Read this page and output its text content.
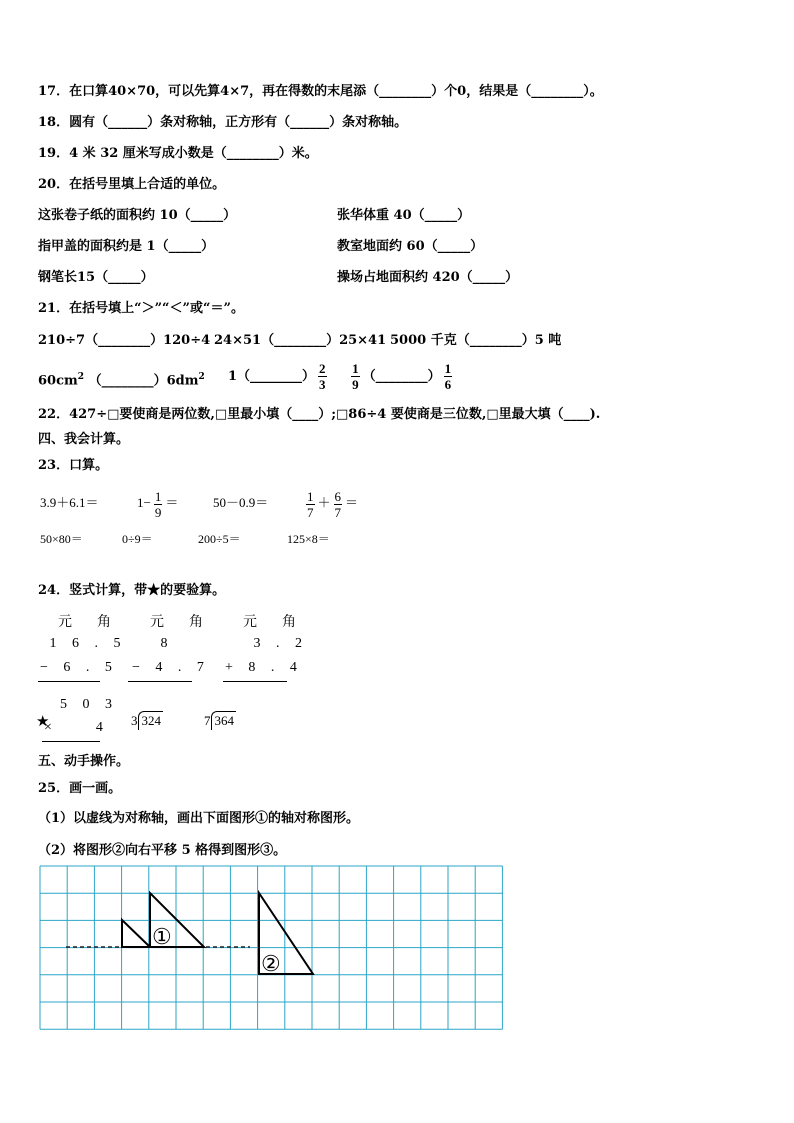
17．在口算40×70，可以先算4×7，再在得数的末尾添（________）个0，结果是（________）。
18．圆有（______）条对称轴，正方形有（______）条对称轴。
19．4 米 32 厘米写成小数是（________）米。
20．在括号里填上合适的单位。
这张卷子纸的面积约 10（_____）	张华体重 40（_____）
指甲盖的面积约是 1（_____）	教室地面约 60（_____）
钢笔长15（_____）	操场占地面积约 420（_____）
21．在括号填上“＞”“＜”或“＝”。
210÷7（________）120÷4 24×51（________）25×41 5000 千克（________）5 吨
$60cm^2$ $(\_\_\_\_\_\_\_\_)6dm^2$ 1（________） $\frac{2}{3}$
$\frac{1}{9}$ （________） $\frac{1}{6}$
22．427÷□要使商是两位数,□里最小填（____）;□86÷4 要使商是三位数,□里最大填（____).
四、我会计算。
23．口算。
3.9＋6.1＝	$1- \frac{1}{9}$ ＝	50－0.9＝	$\frac{1}{7} + \frac{6}{7}$ ＝
50×80＝	0÷9＝	200÷5＝	125×8＝
24．竖式计算，带★的要验算。
元  角 元  角 元  角
1 6 . 5
− 6 . 5
8
− 4 . 7
3 . 2
+ 8 . 4
★
5 0 3
×    4 3 324	7 364
五、动手操作。
25．画一画。
（1）以虚线为对称轴，画出下面图形①的轴对称图形。
（2）将图形②向右平移 5 格得到图形③。
①
②
